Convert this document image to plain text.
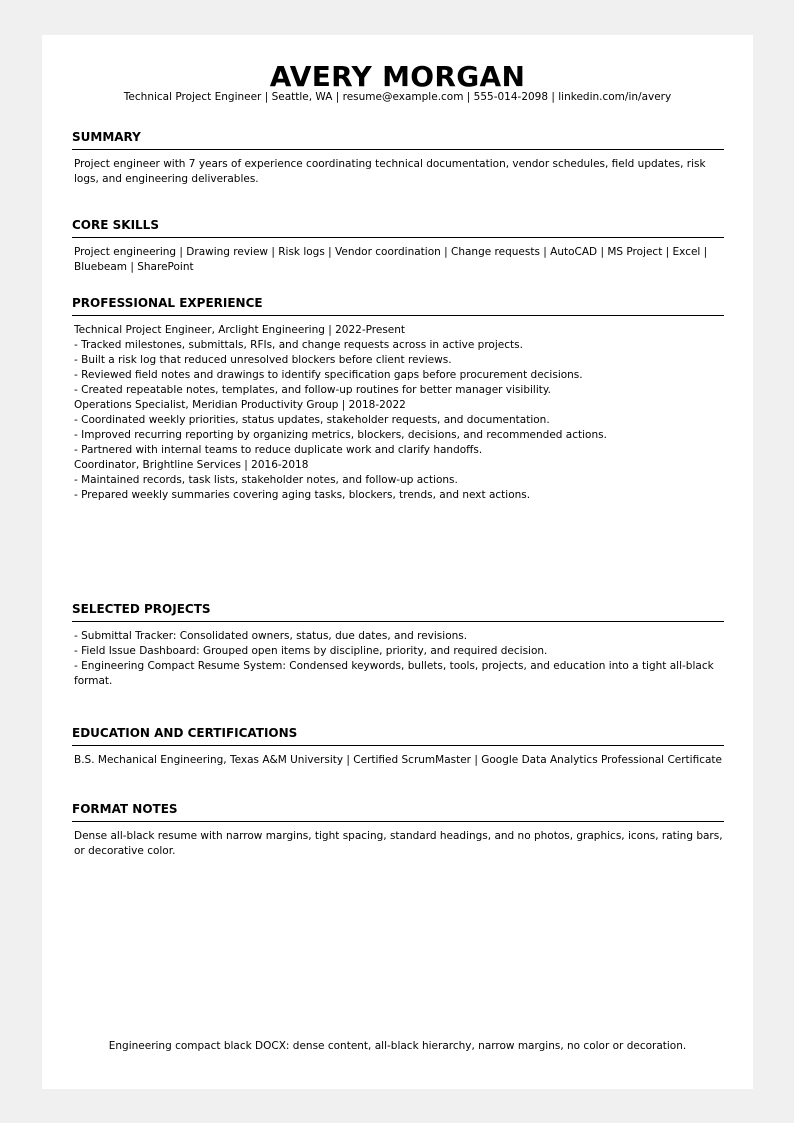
AVERY MORGAN
Technical Project Engineer | Seattle, WA | resume@example.com | 555-014-2098 | linkedin.com/in/avery
SUMMARY
Project engineer with 7 years of experience coordinating technical documentation, vendor schedules, field updates, risk logs, and engineering deliverables.
CORE SKILLS
Project engineering | Drawing review | Risk logs | Vendor coordination | Change requests | AutoCAD | MS Project | Excel | Bluebeam | SharePoint
PROFESSIONAL EXPERIENCE
Technical Project Engineer, Arclight Engineering | 2022-Present
- Tracked milestones, submittals, RFIs, and change requests across in active projects.
- Built a risk log that reduced unresolved blockers before client reviews.
- Reviewed field notes and drawings to identify specification gaps before procurement decisions.
- Created repeatable notes, templates, and follow-up routines for better manager visibility.
Operations Specialist, Meridian Productivity Group | 2018-2022
- Coordinated weekly priorities, status updates, stakeholder requests, and documentation.
- Improved recurring reporting by organizing metrics, blockers, decisions, and recommended actions.
- Partnered with internal teams to reduce duplicate work and clarify handoffs.
Coordinator, Brightline Services | 2016-2018
- Maintained records, task lists, stakeholder notes, and follow-up actions.
- Prepared weekly summaries covering aging tasks, blockers, trends, and next actions.
SELECTED PROJECTS
- Submittal Tracker: Consolidated owners, status, due dates, and revisions.
- Field Issue Dashboard: Grouped open items by discipline, priority, and required decision.
- Engineering Compact Resume System: Condensed keywords, bullets, tools, projects, and education into a tight all-black format.
EDUCATION AND CERTIFICATIONS
B.S. Mechanical Engineering, Texas A&M University | Certified ScrumMaster | Google Data Analytics Professional Certificate
FORMAT NOTES
Dense all-black resume with narrow margins, tight spacing, standard headings, and no photos, graphics, icons, rating bars, or decorative color.
Engineering compact black DOCX: dense content, all-black hierarchy, narrow margins, no color or decoration.
